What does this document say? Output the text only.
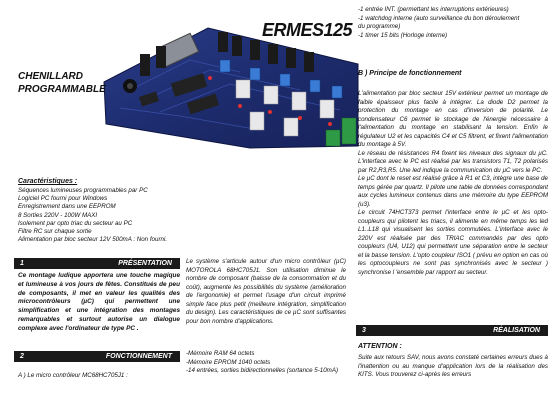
ERMES125
CHENILLARD
PROGRAMMABLE
Caractéristiques :
Séquences lumineuses programmables par PC
Logiciel PC fourni pour Windows
Enregistrement dans une EEPROM
8 Sorties 220V - 100W MAXI
Isolement par opto triac du secteur au PC
Filtre RC sur chaque sortie
Alimentation par bloc secteur 12V 500mA : Non fourni.
1	PRÉSENTATION
Ce montage ludique apportera une touche magique et lumineuse à vos jours de fêtes. Constitués de peu de composants, il met en valeur les qualités des microcontrôleurs (µC) qui permettent une simplification et une intégration des montages remarquables et surtout autorise un dialogue complexe avec l'ordinateur de type PC .
2	FONCTIONNEMENT
A ) Le micro contrôleur MC68HC705J1 :
Le système s'articule autour d'un micro contrôleur (µC) MOTOROLA 68HC705J1. Son utilisation diminue le nombre de composant (baisse de la consommation et du coût), augmente les possibilités du système (amélioration de l'ergonomie) et permet l'usage d'un circuit imprimé simple face plus petit (meilleure intégration, simplification du design). Les caractéristiques de ce µC sont suffisantes pour bon nombre d'applications.
-Mémoire RAM 64 octets
-Mémoire EPROM 1040 octets
-14 entrées, sorties bidirectionnelles (sortance 5-10mA)
-1 entrée INT. (permettant les interruptions extérieures)
-1 watchdog interne (auto surveillance du bon déroulement
du programme)
-1 timer 15 bits (Horloge interne)
B ) Principe de fonctionnement
L'alimentation par bloc secteur 15V extérieur permet un montage de faible épaisseur plus facile à intégrer. La diode D2 permet la protection du montage en cas d'inversion de polarité. Le condensateur C6 permet le stockage de l'énergie nécessaire à l'alimentation du montage en stabilisant la tension. Enfin le régulateur U2 et les capacités C4 et C5 filtrent, et fixent l'alimentation du montage à 5V.
Le réseau de résistances R4 fixent les niveaux des signaux du µC. L'interface avec le PC est réalisé par les transistors T1, T2 polarisés par R2,R3,R5. Une led indique la communication du µC vers le PC.
Le µC dont le reset est réalisé grâce à R1 et C3, intègre une base de temps gérée par quartz. Il pilote une table de données correspondant aux cycles lumineux contenus dans une mémoire du type EEPROM (u3).
Le circuit 74HCT373 permet l'interface entre le µC et les opto-coupleurs qui pilotent les triacs, il alimente en même temps les led L1..L18 qui visualisent les sorties commutées. L'interface avec le 220V est réalisée par des TRIAC commandés par des opto coupleurs (U4, U12) qui permettent une séparation entre le secteur et la basse tension. L'opto coupleur ISO1 ( prévu en option en cas où les optocoupleurs ne sont pas synchronisés avec le secteur ) synchronise l 'ensemble par rapport au secteur.
3	RÉALISATION
ATTENTION :
Suite aux retours SAV, nous avons constaté certaines erreurs dues à l'inattention ou au manque d'application lors de la réalisation des KITS. Vous trouverez ci-après les erreurs
